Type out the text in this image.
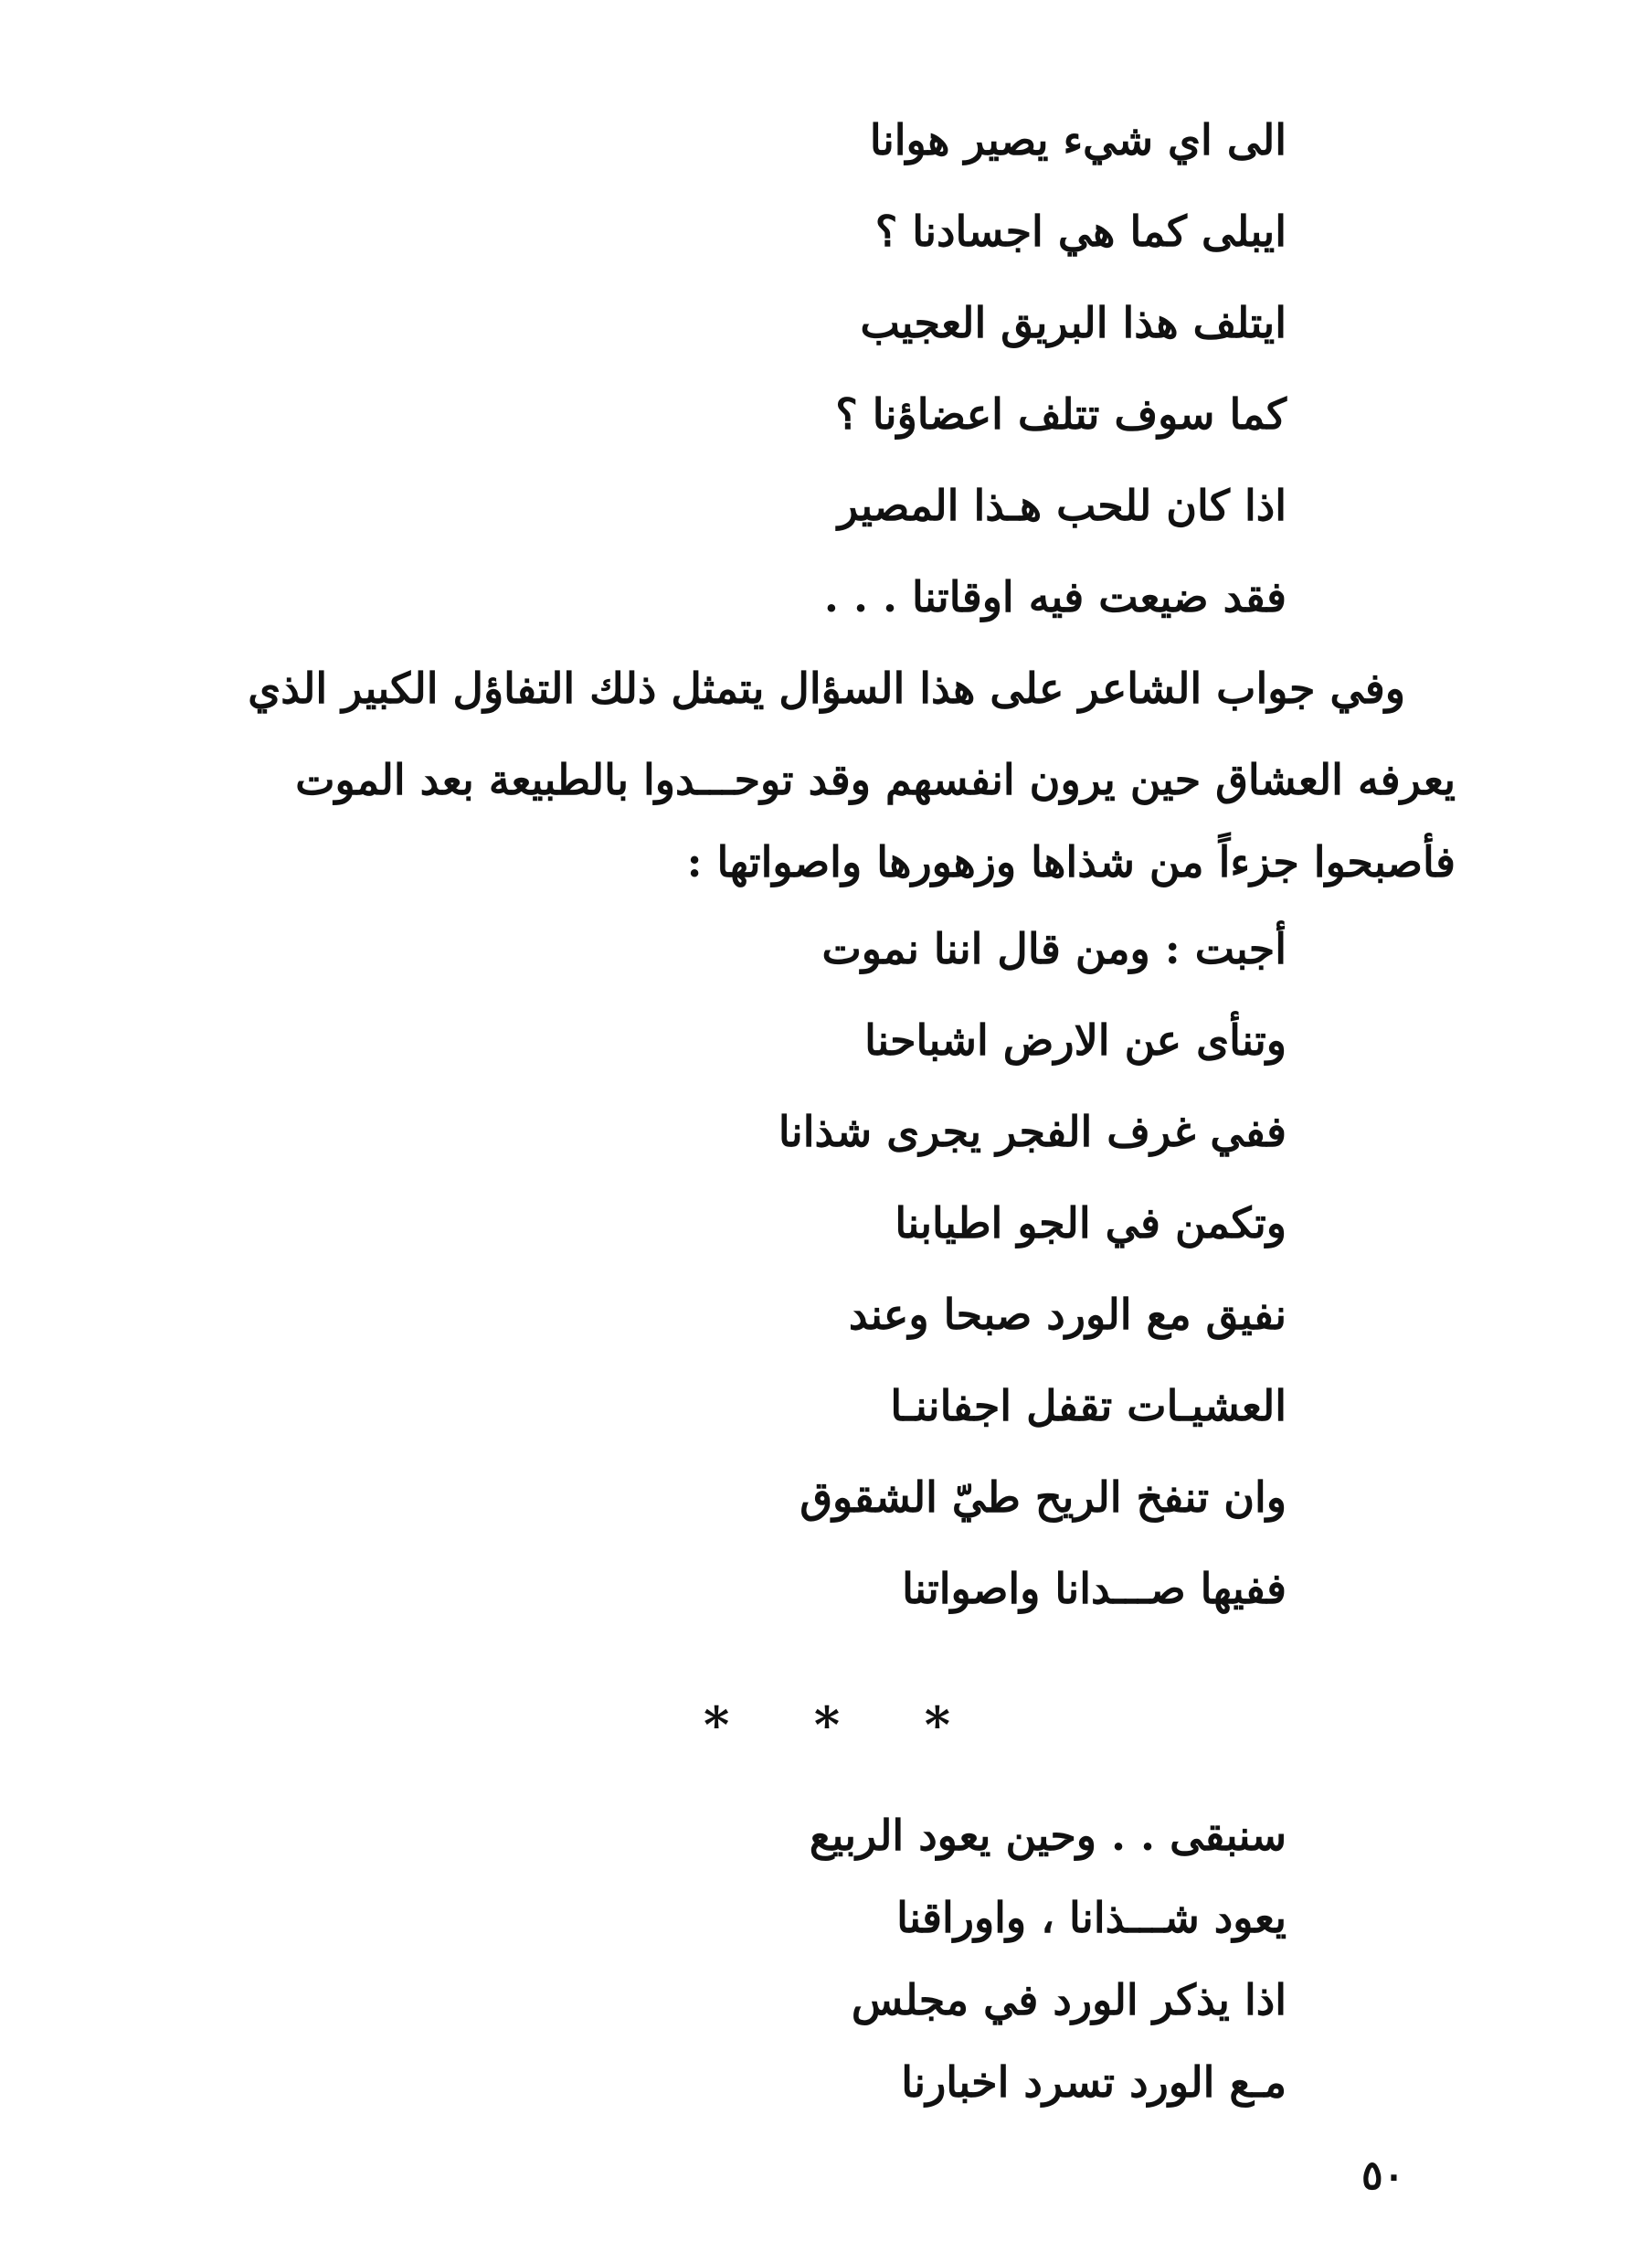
الى اي شيء يصير هوانا
ايبلى كما هي اجسادنا ؟
ايتلف هذا البريق العجيب
كما سوف تتلف اعضاؤنا ؟
اذا كان للحب هـذا المصير
فقد ضيعت فيه اوقاتنا . . .
وفي جواب الشاعر على هذا السؤال يتمثل ذلك التفاؤل الكبير الذي
يعرفه العشاق حين يرون انفسهم وقد توحـــدوا بالطبيعة بعد الموت
فأصبحوا جزءاً من شذاها وزهورها واصواتها :
أجبت : ومن قال اننا نموت
وتنأى عن الارض اشباحنا
ففي غرف الفجر يجرى شذانا
وتكمن في الجو اطيابنا
نفيق مع الورد صبحا وعند
العشيـات تقفل اجفاننـا
وان تنفخ الريح طيّ الشقوق
ففيها صـــدانا واصواتنا
* * *
سنبقى . . وحين يعود الربيع
يعود شـــذانا ، واوراقنا
اذا يذكر الورد في مجلس
مـع الورد تسرد اخبارنا
٥٠
